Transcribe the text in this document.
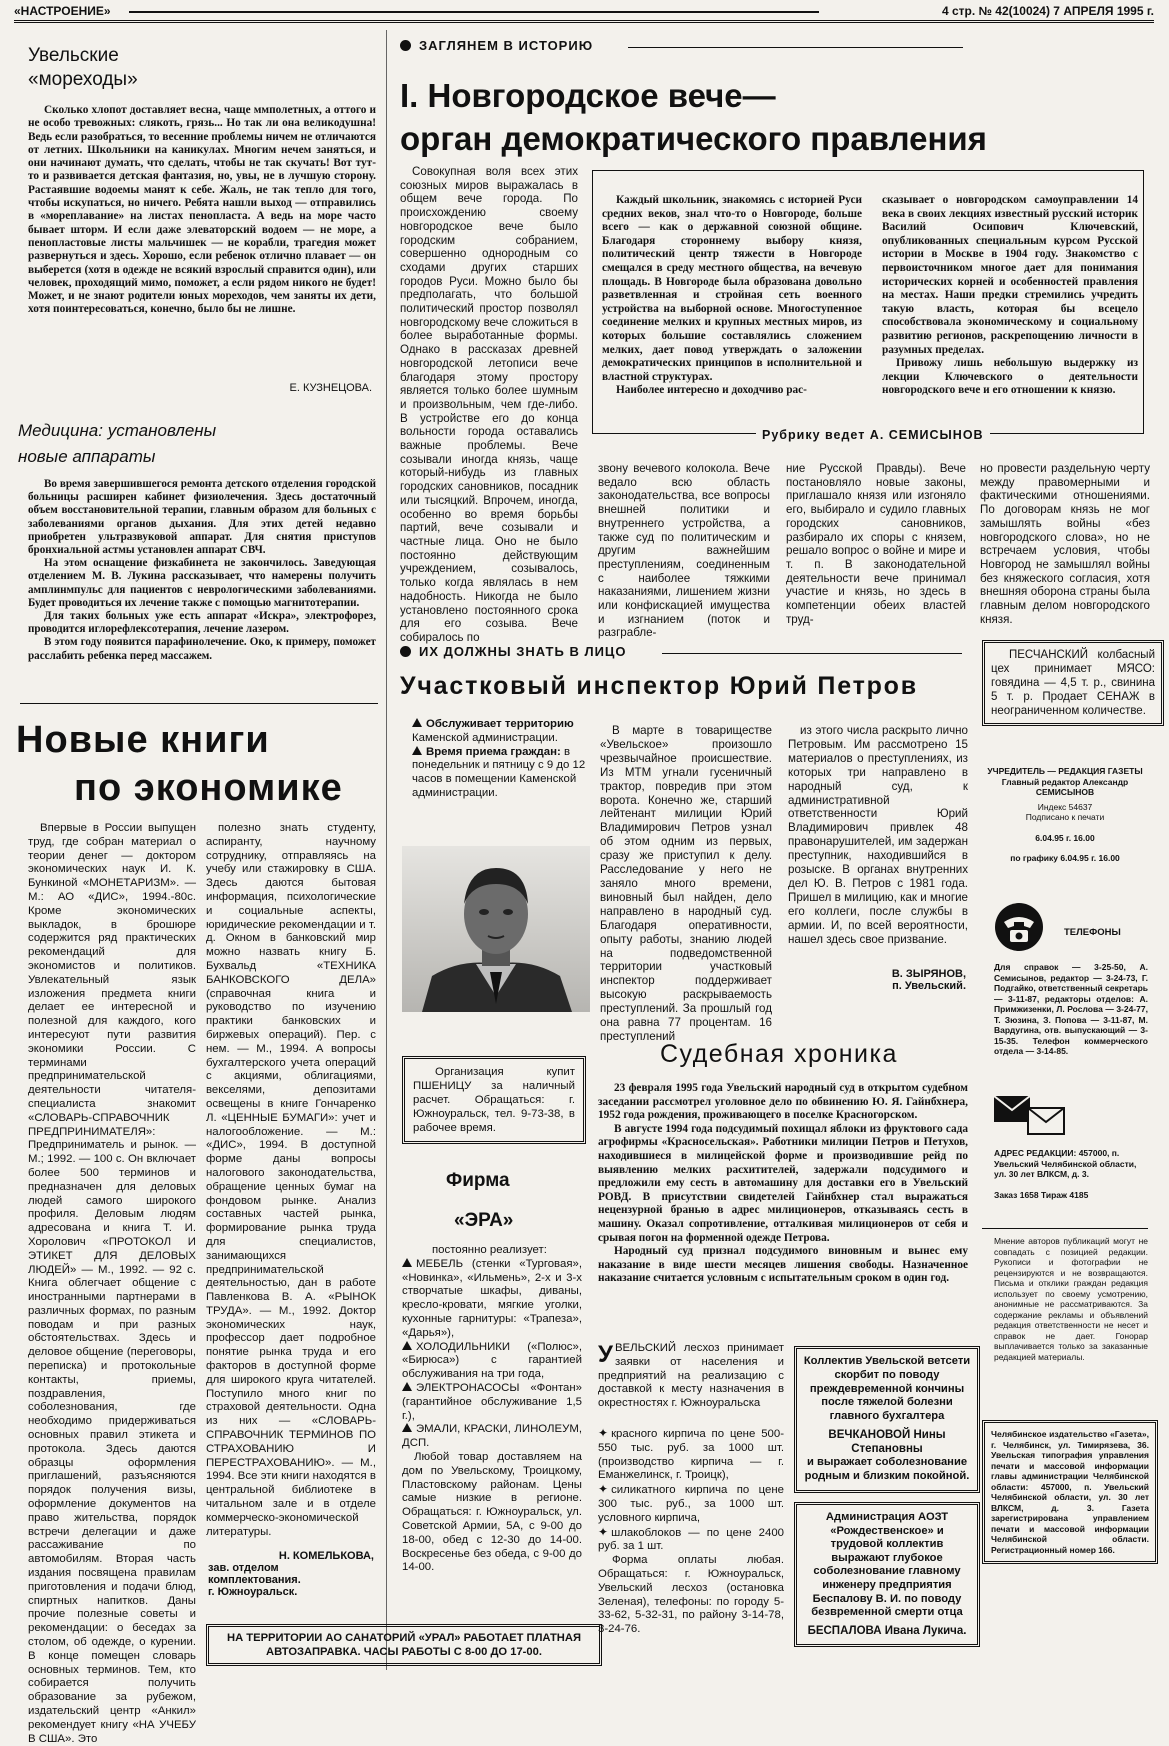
«НАСТРОЕНИЕ»	4 стр. № 42(10024) 7 АПРЕЛЯ 1995 г.
Увельские
«мореходы»
Сколько хлопот доставляет весна, чаще ммполетных, а оттого и не особо тревожных: слякоть, грязь... Но так ли она великодушна! Ведь если разобраться, то весенние проблемы ничем не отличаются от летних. Школьники на каникулах. Многим нечем заняться, и они начинают думать, что сделать, чтобы не так скучать! Вот тут-то и развивается детская фантазия, но, увы, не в лучшую сторону. Растаявшие водоемы манят к себе. Жаль, не так тепло для того, чтобы искупаться, но ничего. Ребята нашли выход — отправились в «мореплавание» на листах пенопласта. А ведь на море часто бывает шторм. И если даже элеваторский водоем — не море, а пенопластовые листы мальчишек — не корабли, трагедия может развернуться и здесь. Хорошо, если ребенок отлично плавает — он выберется (хотя в одежде не всякий взрослый справится один), или человек, проходящий мимо, поможет, а если рядом никого не будет! Может, и не знают родители юных мореходов, чем заняты их дети, хотя поинтересоваться, конечно, было бы не лишне.
Е. КУЗНЕЦОВА.
Медицина: установлены
новые аппараты
Во время завершившегося ремонта детского отделения городской больницы расширен кабинет физиолечения. Здесь достаточный объем восстановительной терапии, главным образом для больных с заболеваниями органов дыхания. Для этих детей недавно приобретен ультразвуковой аппарат. Для снятия приступов бронхиальной астмы установлен аппарат СВЧ.
На этом оснащение физкабинета не закончилось. Заведующая отделением М. В. Лукина рассказывает, что намерены получить амплинмпульс для пациентов с неврологическими заболеваниями. Будет проводиться их лечение также с помощью магнитотерапии.
Для таких больных уже есть аппарат «Искра», электрофорез, проводится иглорефлексотерапия, лечение лазером.
В этом году появится парафинолечение. Око, к примеру, поможет расслабить ребенка перед массажем.
Новые книги
по экономике
Впервые в России выпущен труд, где собран материал о теории денег — доктором экономических наук И. К. Бункиной «МОНЕТАРИЗМ». — М.: АО «ДИС», 1994.-80с. Кроме экономических выкладок, в брошюре содержится ряд практических рекомендаций для экономистов и политиков. Увлекательный язык изложения предмета книги делает ее интересной и полезной для каждого, кого интересуют пути развития экономики России. С терминами предпринимательской деятельности читателя-специалиста знакомит «СЛОВАРЬ-СПРАВОЧНИК ПРЕДПРИНИМАТЕЛЯ»: Предприниматель и рынок. — М.; 1992. — 100 с. Он включает более 500 терминов и предназначен для деловых людей самого широкого профиля. Деловым людям адресована и книга Т. И. Хоролович «ПРОТОКОЛ И ЭТИКЕТ ДЛЯ ДЕЛОВЫХ ЛЮДЕЙ» — М., 1992. — 92 с. Книга облегчает общение с иностранными партнерами в различных формах, по разным поводам и при разных обстоятельствах. Здесь и деловое общение (переговоры, переписка) и протокольные контакты, приемы, поздравления, соболезнования, где необходимо придерживаться основных правил этикета и протокола. Здесь даются образцы оформления приглашений, разъясняются порядок получения визы, оформление документов на право жительства, порядок встречи делегации и даже рассаживание по автомобилям. Вторая часть издания посвящена правилам приготовления и подачи блюд, спиртных напитков. Даны прочие полезные советы и рекомендации: о беседах за столом, об одежде, о курении. В конце помещен словарь основных терминов. Тем, кто собирается получить образование за рубежом, издательский центр «Анкил» рекомендует книгу «НА УЧЕБУ В США». Это
полезно знать студенту, аспиранту, научному сотруднику, отправляясь на учебу или стажировку в США. Здесь даются бытовая информация, психологические и социальные аспекты, юридические рекомендации и т. д. Окном в банковский мир можно назвать книгу Б. Бухвальд «ТЕХНИКА БАНКОВСКОГО ДЕЛА» (справочная книга и руководство по изучению практики банковских и биржевых операций). Пер. с нем. — М., 1994. А вопросы бухгалтерского учета операций с акциями, облигациями, векселями, депозитами освещены в книге Гончаренко Л. «ЦЕННЫЕ БУМАГИ»: учет и налогообложение. — М.: «ДИС», 1994. В доступной форме даны вопросы налогового законодательства, обращение ценных бумаг на фондовом рынке. Анализ составных частей рынка, формирование рынка труда для специалистов, занимающихся предпринимательской деятельностью, дан в работе Павленкова В. А. «РЫНОК ТРУДА». — М., 1992. Доктор экономических наук, профессор дает подробное понятие рынка труда и его факторов в доступной форме для широкого круга читателей. Поступило много книг по страховой деятельности. Одна из них — «СЛОВАРЬ-СПРАВОЧНИК ТЕРМИНОВ ПО СТРАХОВАНИЮ И ПЕРЕСТРАХОВАНИЮ». — М., 1994. Все эти книги находятся в центральной библиотеке в читальном зале и в отделе коммерческо-экономической литературы.
Н. КОМЕЛЬКОВА,
зав. отделом комплектования.
г. Южноуральск.
ЗАГЛЯНЕМ В ИСТОРИЮ
I. Новгородское вече—
орган демократического правления
Совокупная воля всех этих союзных миров выражалась в общем вече города. По происхождению своему новгородское вече было городским собранием, совершенно однородным со сходами других старших городов Руси. Можно было бы предполагать, что большой политический простор позволял новгородскому вече сложиться в более выработанные формы. Однако в рассказах древней новгородской летописи вече благодаря этому простору является только более шумным и произвольным, чем где-либо. В устройстве его до конца вольности города оставались важные проблемы. Вече созывали иногда князь, чаще который-нибудь из главных городских сановников, посадник или тысяцкий. Впрочем, иногда, особенно во время борьбы партий, вече созывали и частные лица. Оно не было постоянно действующим учреждением, созывалось, только когда являлась в нем надобность. Никогда не было установлено постоянного срока для его созыва. Вече собиралось по
Каждый школьник, знакомясь с историей Руси средних веков, знал что-то о Новгороде, больше всего — как о державной союзной общине. Благодаря стороннему выбору князя, политический центр тяжести в Новгороде смещался в среду местного общества, на вечевую площадь. В Новгороде была образована довольно разветвленная и стройная сеть военного устройства на выборной основе. Многоступенное соединение мелких и крупных местных миров, из которых большие составлялись сложением мелких, дает повод утверждать о заложении демократических принципов в исполнительной и властной структурах.
Наиболее интересно и доходчиво рас-
сказывает о новгородском самоуправлении 14 века в своих лекциях известный русский историк Василий Осипович Ключевский, опубликованных специальным курсом Русской истории в Москве в 1904 году. Знакомство с первоисточником многое дает для понимания исторических корней и особенностей правления на местах. Наши предки стремились учредить такую власть, которая бы всецело способствовала экономическому и социальному развитию регионов, раскрепощению личности в разумных пределах.
Привожу лишь небольшую выдержку из лекции Ключевского о деятельности новгородского вече и его отношении к князю.
Рубрику ведет А. СЕМИСЫНОВ
звону вечевого колокола. Вече ведало всю область законодательства, все вопросы внешней политики и внутреннего устройства, а также суд по политическим и другим важнейшим преступлениям, соединенным с наиболее тяжкими наказаниями, лишением жизни или конфискацией имущества и изгнанием (поток и разграбле-
ние Русской Правды). Вече постановляло новые законы, приглашало князя или изгоняло его, выбирало и судило главных городских сановников, разбирало их споры с князем, решало вопрос о войне и мире и т. п. В законодательной деятельности вече принимал участие и князь, но здесь в компетенции обеих властей труд-
но провести раздельную черту между правомерными и фактическими отношениями. По договорам князь не мог замышлять войны «без новгородского слова», но не встречаем условия, чтобы Новгород не замышлял войны без княжеского согласия, хотя внешняя оборона страны была главным делом новгородского князя.
ИХ ДОЛЖНЫ ЗНАТЬ В ЛИЦО
Участковый инспектор Юрий Петров
Обслуживает территорию Каменской администрации.
Время приема граждан: в понедельник и пятницу с 9 до 12 часов в помещении Каменской администрации.
В марте в товариществе «Увельское» произошло чрезвычайное происшествие. Из МТМ угнали гусеничный трактор, повредив при этом ворота. Конечно же, старший лейтенант милиции Юрий Владимирович Петров узнал об этом одним из первых, сразу же приступил к делу. Расследование у него не заняло много времени, виновный был найден, дело направлено в народный суд. Благодаря оперативности, опыту работы, знанию людей на подведомственной территории участковый инспектор поддерживает высокую раскрываемость преступлений. За прошлый год она равна 77 процентам. 16 преступлений
из этого числа раскрыто лично Петровым. Им рассмотрено 15 материалов о преступлениях, из которых три направлено в народный суд, к административной ответственности Юрий Владимирович привлек 48 правонарушителей, им задержан преступник, находившийся в розыске. В органах внутренних дел Ю. В. Петров с 1981 года. Пришел в милицию, как и многие его коллеги, после службы в армии. И, по всей вероятности, нашел здесь свое призвание.
В. ЗЫРЯНОВ,
п. Увельский.
ПЕСЧАНСКИЙ колбасный цех принимает МЯСО: говядина — 4,5 т. р., свинина 5 т. р. Продает СЕНАЖ в неограниченном количестве.
УЧРЕДИТЕЛЬ — РЕДАКЦИЯ ГАЗЕТЫ Главный редактор Александр СЕМИСЫНОВ
Индекс 54637
Подписано к печати
6.04.95 г. 16.00
по графику 6.04.95 г. 16.00
ТЕЛЕФОНЫ
Для справок — 3-25-50, А. Семисынов, редактор — 3-24-73, Г. Подгайко, ответственный секретарь — 3-11-87, редакторы отделов: А. Примжизенки, Л. Рослова — 3-24-77, Т. Зюзина, З. Попова — 3-11-87, М. Вардугина, отв. выпускающий — 3-15-35. Телефон коммерческого отдела — 3-14-85.
АДРЕС РЕДАКЦИИ: 457000, п. Увельский Челябинской области, ул. 30 лет ВЛКСМ, д. 3.
Заказ 1658 Тираж 4185
Мнение авторов публикаций могут не совпадать с позицией редакции. Рукописи и фотографии не рецензируются и не возвращаются. Письма и отклики граждан редакция использует по своему усмотрению, анонимные не рассматриваются. За содержание рекламы и объявлений редакция ответственности не несет и справок не дает. Гонорар выплачивается только за заказанные редакцией материалы.
Челябинское издательство «Газета», г. Челябинск, ул. Тимирязева, 36. Увельская типография управления печати и массовой информации главы администрации Челябинской области: 457000, п. Увельский Челябинской области, ул. 30 лет ВЛКСМ, д. 3. Газета зарегистрирована управлением печати и массовой информации Челябинской области. Регистрационный номер 166.
Организация купит ПШЕНИЦУ за наличный расчет. Обращаться: г. Южноуральск, тел. 9-73-38, в рабочее время.
Фирма
«ЭРА»
постоянно реализует:
МЕБЕЛЬ (стенки «Турговая», «Новинка», «Ильмень», 2-х и 3-х створчатые шкафы, диваны, кресло-кровати, мягкие уголки, кухонные гарнитуры: «Трапеза», «Дарья»),
ХОЛОДИЛЬНИКИ («Полюс», «Бирюса») с гарантией обслуживания на три года,
ЭЛЕКТРОНАСОСЫ «Фонтан» (гарантийное обслуживание 1,5 г.),
ЭМАЛИ, КРАСКИ, ЛИНОЛЕУМ, ДСП.
Любой товар доставляем на дом по Увельскому, Троицкому, Пластовскому районам. Цены самые низкие в регионе. Обращаться: г. Южноуральск, ул. Советской Армии, 5А, с 9-00 до 18-00, обед с 12-30 до 14-00. Воскресенье без обеда, с 9-00 до 14-00.
Судебная хроника
23 февраля 1995 года Увельский народный суд в открытом судебном заседании рассмотрел уголовное дело по обвинению Ю. Я. Гайнбхнера, 1952 года рождения, проживающего в поселке Красногорском.
В августе 1994 года подсудимый похищал яблоки из фруктового сада агрофирмы «Красносельская». Работники милиции Петров и Петухов, находившиеся в милицейской форме и производившие рейд по выявлению мелких расхитителей, задержали подсудимого и предложили ему сесть в автомашину для доставки его в Увельский РОВД. В присутствии свидетелей Гайнбхнер стал выражаться нецензурной бранью в адрес милиционеров, отказываясь сесть в машину. Оказал сопротивление, отталкивая милиционеров от себя и срывая погон на форменной одежде Петрова.
Народный суд признал подсудимого виновным и вынес ему наказание в виде шести месяцев лишения свободы. Назначенное наказание считается условным с испытательным сроком в один год.
УВЕЛЬСКИЙ лесхоз принимает заявки от населения и предприятий на реализацию с доставкой к месту назначения в окрестностях г. Южноуральска
✦ красного кирпича по цене 500-550 тыс. руб. за 1000 шт. (производство кирпича — г. Еманжелинск, г. Троицк),
✦ силикатного кирпича по цене 300 тыс. руб., за 1000 шт. условного кирпича,
✦ шлакоблоков — по цене 2400 руб. за 1 шт.
Форма оплаты любая. Обращаться: г. Южноуральск, Увельский лесхоз (остановка Зеленая), телефоны: по городу 5-33-62, 5-32-31, по району 3-14-78, 3-24-76.
Коллектив Увельской ветсети скорбит по поводу преждевременной кончины после тяжелой болезни главного бухгалтера
ВЕЧКАНОВОЙ Нины Степановны
и выражает соболезнование родным и близким покойной.
Администрация АОЗТ «Рождественское» и трудовой коллектив выражают глубокое соболезнование главному инженеру предприятия Беспалову В. И. по поводу безвременной смерти отца
БЕСПАЛОВА Ивана Лукича.
НА ТЕРРИТОРИИ АО САНАТОРИЙ «УРАЛ» РАБОТАЕТ ПЛАТНАЯ АВТОЗАПРАВКА. ЧАСЫ РАБОТЫ С 8-00 ДО 17-00.
